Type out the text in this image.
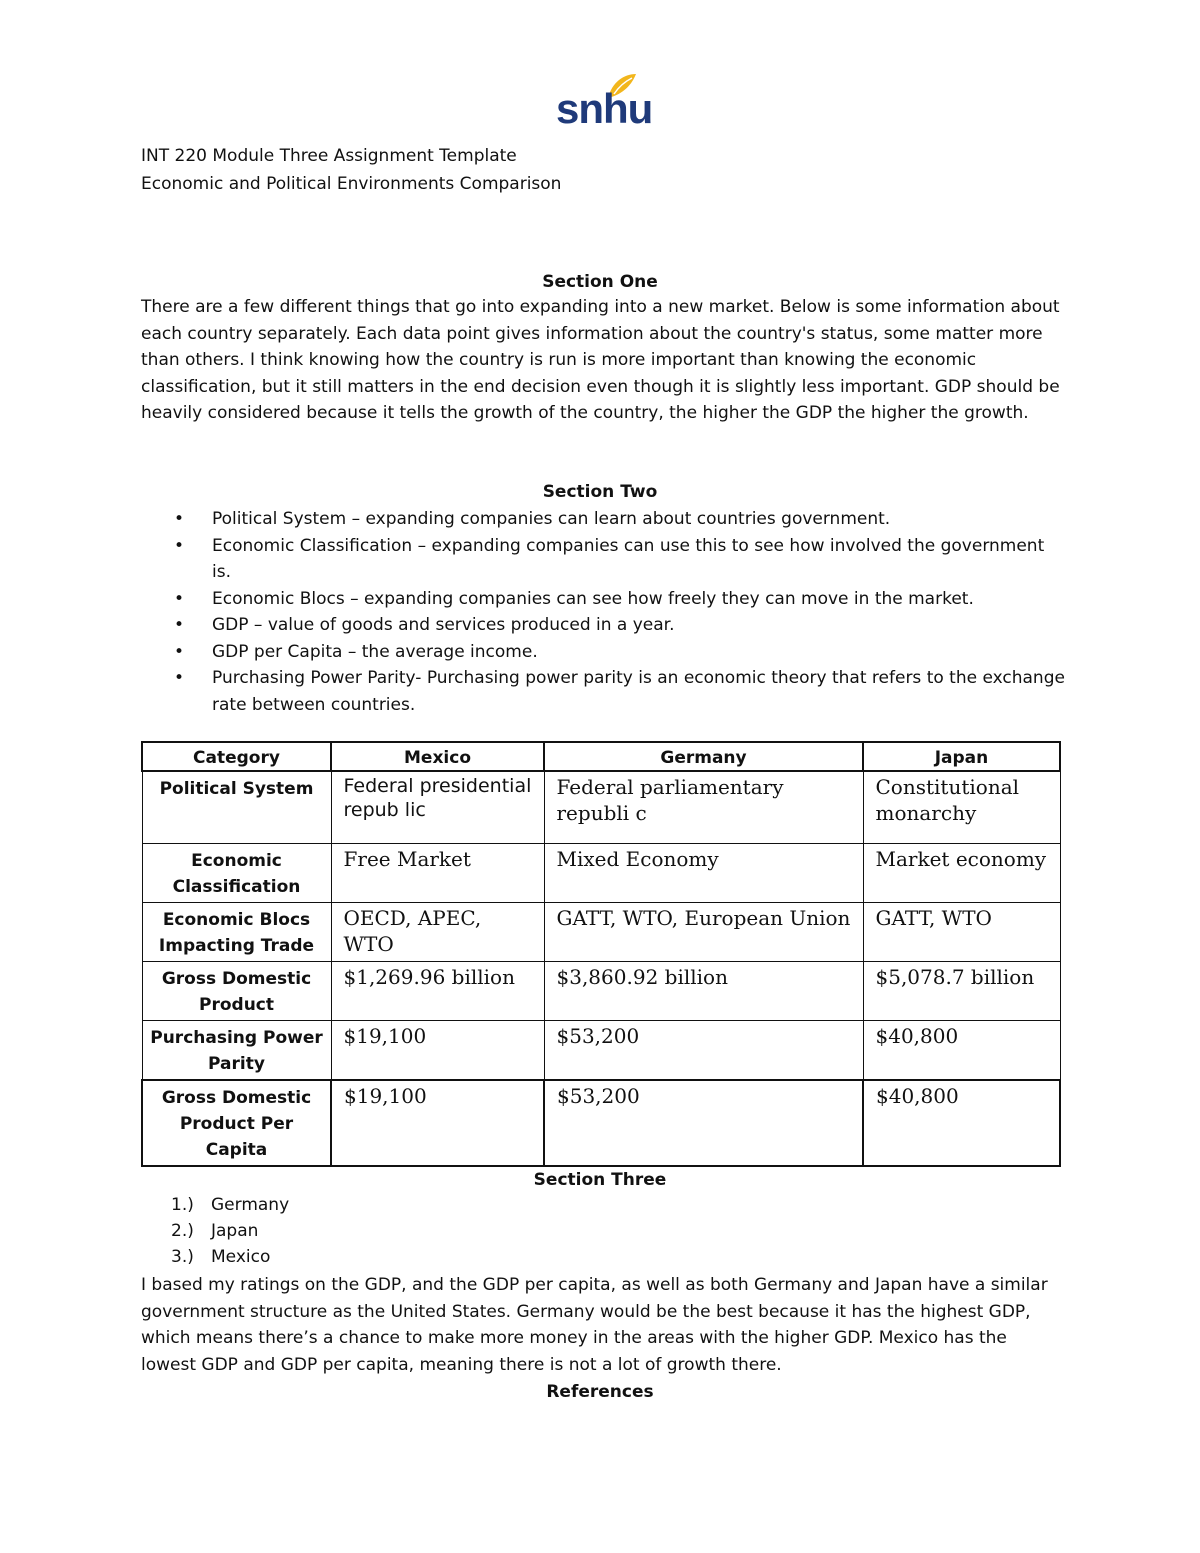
snhu
INT 220 Module Three Assignment Template
Economic and Political Environments Comparison
Section One

There are a few different things that go into expanding into a new market. Below is some information about each country separately. Each data point gives information about the country's status, some matter more than others. I think knowing how the country is run is more important than knowing the economic classification, but it still matters in the end decision even though it is slightly less important. GDP should be heavily considered because it tells the growth of the country, the higher the GDP the higher the growth.

Section Two
• Political System – expanding companies can learn about countries government.
• Economic Classification – expanding companies can use this to see how involved the government is.
• Economic Blocs – expanding companies can see how freely they can move in the market.
• GDP – value of goods and services produced in a year.
• GDP per Capita – the average income.
• Purchasing Power Parity- Purchasing power parity is an economic theory that refers to the exchange rate between countries.
Category	Mexico	Germany	Japan
Political System	Federal presidential repub lic	Federal parliamentary republi c	Constitutional monarchy
Economic Classification	Free Market	Mixed Economy	Market economy
Economic Blocs Impacting Trade	OECD, APEC, WTO	GATT, WTO, European Union	GATT, WTO
Gross Domestic Product	$1,269.96 billion	$3,860.92 billion	$5,078.7 billion
Purchasing Power Parity	$19,100	$53,200	$40,800
Gross Domestic Product Per Capita	$19,100	$53,200	$40,800
Section Three
1.) Germany
2.) Japan
3.) Mexico

I based my ratings on the GDP, and the GDP per capita, as well as both Germany and Japan have a similar government structure as the United States. Germany would be the best because it has the highest GDP, which means there’s a chance to make more money in the areas with the higher GDP. Mexico has the lowest GDP and GDP per capita, meaning there is not a lot of growth there.

References
